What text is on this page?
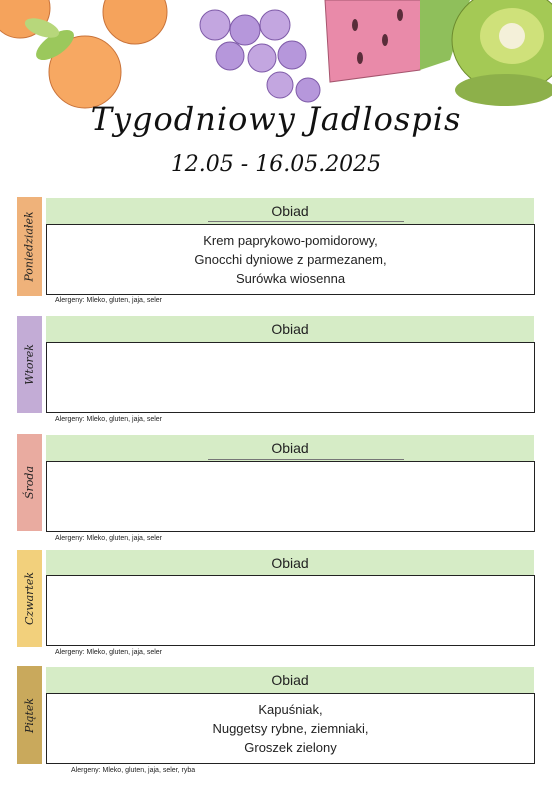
Tygodniowy Jadlospis
12.05 - 16.05.2025
Poniedziałek
Obiad
Krem paprykowo-pomidorowy,
Gnocchi dyniowe z parmezanem,
Surówka wiosenna
Alergeny: Mleko, gluten, jaja, seler
Wtorek
Obiad
Alergeny: Mleko, gluten, jaja, seler
Środa
Obiad
Alergeny: Mleko, gluten, jaja, seler
Czwartek
Obiad
Alergeny: Mleko, gluten, jaja, seler
Piątek
Obiad
Kapuśniak,
Nuggetsy rybne, ziemniaki,
Groszek zielony
Alergeny: Mleko, gluten, jaja, seler, ryba
